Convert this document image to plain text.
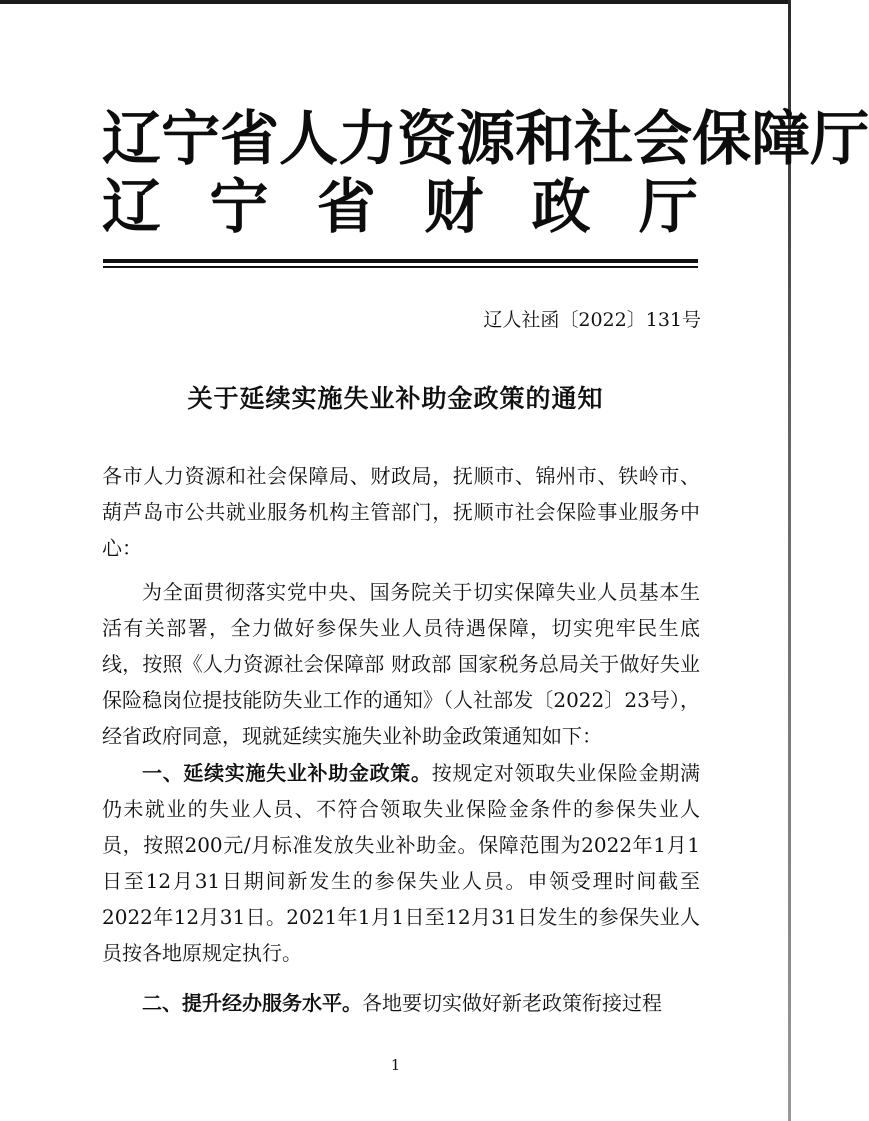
辽 宁 省 人 力 资 源 和 社 会 保 障 厅
辽 宁 省 财 政 厅
辽人社函〔2022〕131号
关于延续实施失业补助金政策的通知
各市人力资源和社会保障局、财政局，抚顺市、锦州市、铁岭市、葫芦岛市公共就业服务机构主管部门，抚顺市社会保险事业服务中心：
为全面贯彻落实党中央、国务院关于切实保障失业人员基本生活有关部署，全力做好参保失业人员待遇保障，切实兜牢民生底线，按照《人力资源社会保障部 财政部 国家税务总局关于做好失业保险稳岗位提技能防失业工作的通知》（人社部发〔2022〕23号），经省政府同意，现就延续实施失业补助金政策通知如下：
一、延续实施失业补助金政策。按规定对领取失业保险金期满仍未就业的失业人员、不符合领取失业保险金条件的参保失业人员，按照200元/月标准发放失业补助金。保障范围为2022年1月1日至12月31日期间新发生的参保失业人员。申领受理时间截至2022年12月31日。2021年1月1日至12月31日发生的参保失业人员按各地原规定执行。
二、提升经办服务水平。各地要切实做好新老政策衔接过程
1
